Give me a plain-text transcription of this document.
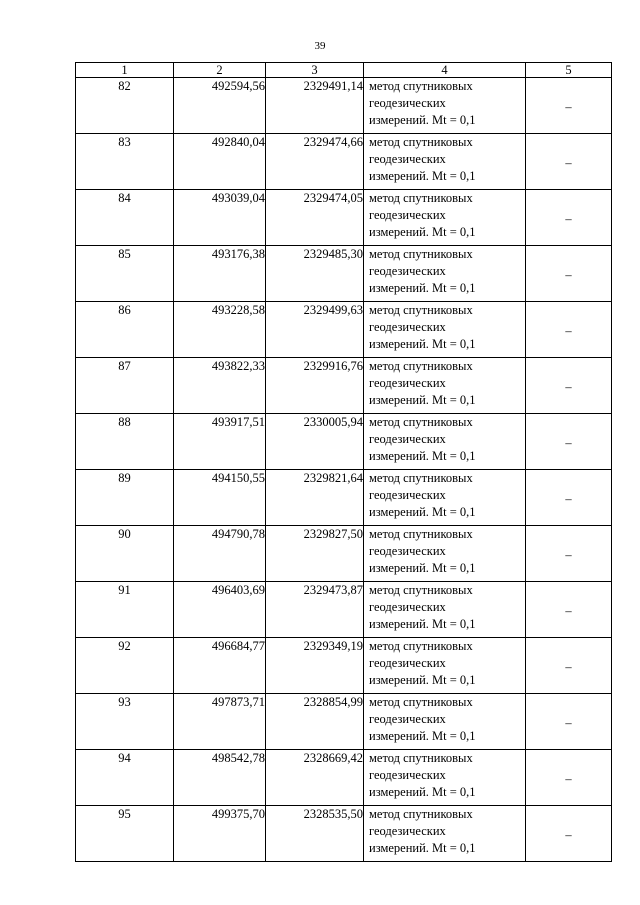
39
1	2	3	4	5
82	492594,56	2329491,14	метод спутниковых
геодезических
измерений. Mt = 0,1	–
83	492840,04	2329474,66	метод спутниковых
геодезических
измерений. Mt = 0,1	–
84	493039,04	2329474,05	метод спутниковых
геодезических
измерений. Mt = 0,1	–
85	493176,38	2329485,30	метод спутниковых
геодезических
измерений. Mt = 0,1	–
86	493228,58	2329499,63	метод спутниковых
геодезических
измерений. Mt = 0,1	–
87	493822,33	2329916,76	метод спутниковых
геодезических
измерений. Mt = 0,1	–
88	493917,51	2330005,94	метод спутниковых
геодезических
измерений. Mt = 0,1	–
89	494150,55	2329821,64	метод спутниковых
геодезических
измерений. Mt = 0,1	–
90	494790,78	2329827,50	метод спутниковых
геодезических
измерений. Mt = 0,1	–
91	496403,69	2329473,87	метод спутниковых
геодезических
измерений. Mt = 0,1	–
92	496684,77	2329349,19	метод спутниковых
геодезических
измерений. Mt = 0,1	–
93	497873,71	2328854,99	метод спутниковых
геодезических
измерений. Mt = 0,1	–
94	498542,78	2328669,42	метод спутниковых
геодезических
измерений. Mt = 0,1	–
95	499375,70	2328535,50	метод спутниковых
геодезических
измерений. Mt = 0,1	–
